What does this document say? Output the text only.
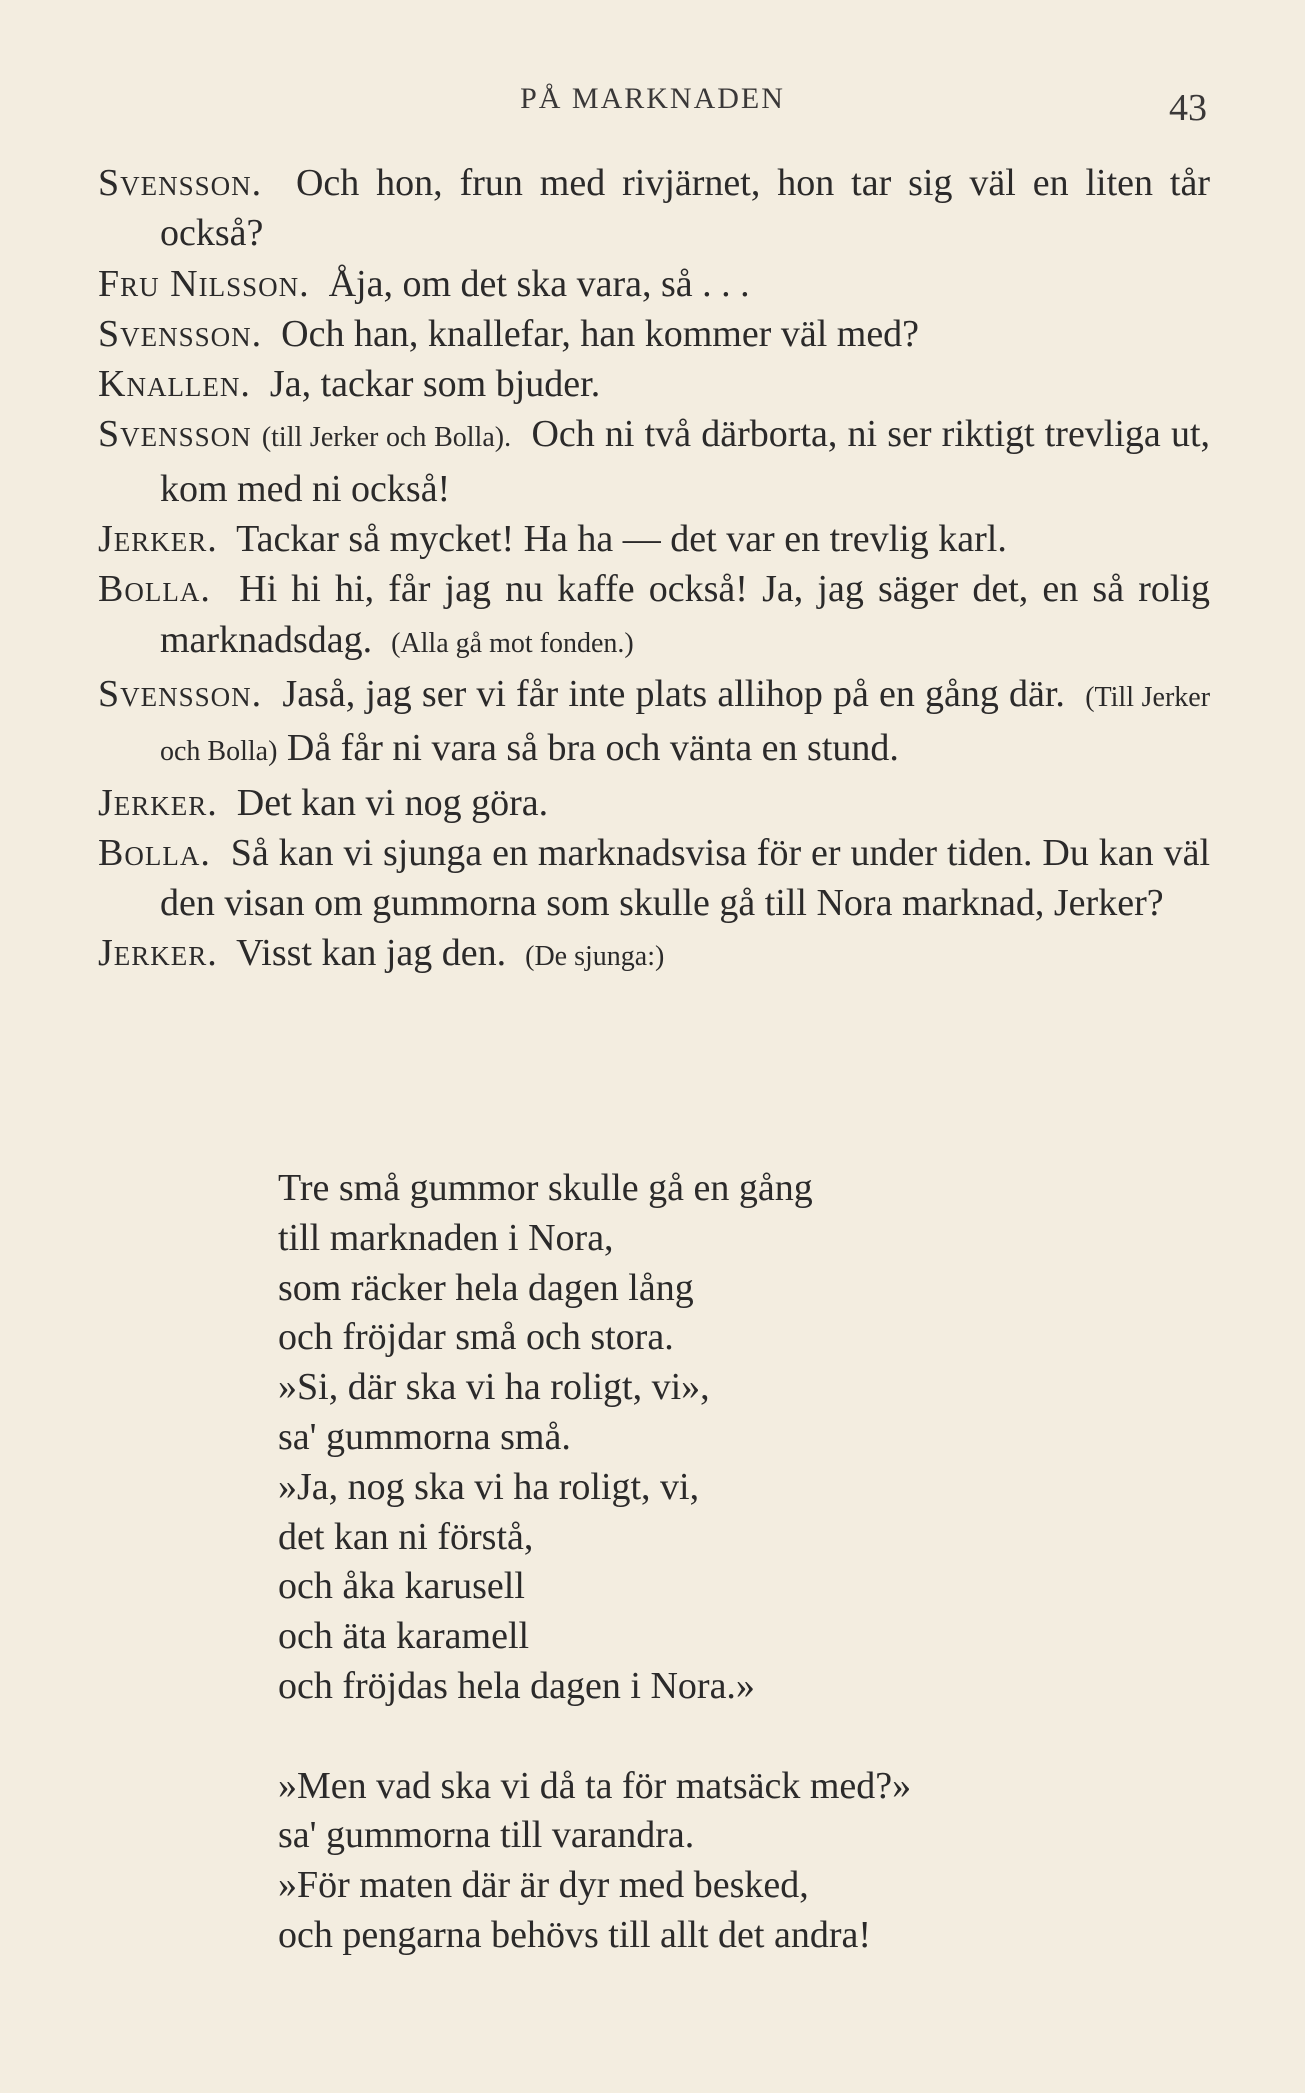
PÅ MARKNADEN	43

Svensson. Och hon, frun med rivjärnet, hon tar sig väl en liten tår också?

Fru Nilsson. Åja, om det ska vara, så . . .

Svensson. Och han, knallefar, han kommer väl med?

Knallen. Ja, tackar som bjuder.

Svensson (till Jerker och Bolla). Och ni två därborta, ni ser riktigt trevliga ut, kom med ni också!

Jerker. Tackar så mycket! Ha ha — det var en trevlig karl.

Bolla. Hi hi hi, får jag nu kaffe också! Ja, jag säger det, en så rolig marknadsdag. (Alla gå mot fonden.)

Svensson. Jaså, jag ser vi får inte plats allihop på en gång där. (Till Jerker och Bolla) Då får ni vara så bra och vänta en stund.

Jerker. Det kan vi nog göra.

Bolla. Så kan vi sjunga en marknadsvisa för er under tiden. Du kan väl den visan om gummorna som skulle gå till Nora marknad, Jerker?

Jerker. Visst kan jag den. (De sjunga:)

Tre små gummor skulle gå en gång
till marknaden i Nora,
som räcker hela dagen lång
och fröjdar små och stora.
»Si, där ska vi ha roligt, vi»,
sa' gummorna små.
»Ja, nog ska vi ha roligt, vi,
det kan ni förstå,
och åka karusell
och äta karamell
och fröjdas hela dagen i Nora.»
»Men vad ska vi då ta för matsäck med?»
sa' gummorna till varandra.
»För maten där är dyr med besked,
och pengarna behövs till allt det andra!
